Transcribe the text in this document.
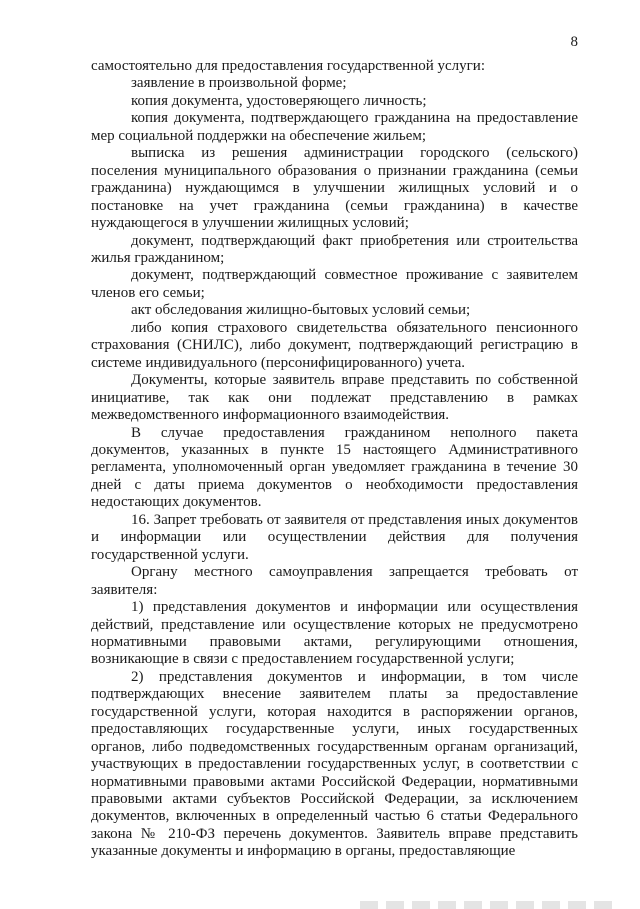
8

самостоятельно для предоставления государственной услуги:

заявление в произвольной форме;

копия документа, удостоверяющего личность;

копия документа, подтверждающего гражданина на предоставление мер социальной поддержки на обеспечение жильем;

выписка из решения администрации городского (сельского) поселения муниципального образования о признании гражданина (семьи гражданина) нуждающимся в улучшении жилищных условий и о постановке на учет гражданина (семьи гражданина) в качестве нуждающегося в улучшении жилищных условий;

документ, подтверждающий факт приобретения или строительства жилья гражданином;

документ, подтверждающий совместное проживание с заявителем членов его семьи;

акт обследования жилищно-бытовых условий семьи;

либо копия страхового свидетельства обязательного пенсионного страхования (СНИЛС), либо документ, подтверждающий регистрацию в системе индивидуального (персонифицированного) учета.

Документы, которые заявитель вправе представить по собственной инициативе, так как они подлежат представлению в рамках межведомственного информационного взаимодействия.

В случае предоставления гражданином неполного пакета документов, указанных в пункте 15 настоящего Административного регламента, уполномоченный орган уведомляет гражданина в течение 30 дней с даты приема документов о необходимости предоставления недостающих документов.

16. Запрет требовать от заявителя от представления иных документов и информации или осуществлении действия для получения государственной услуги.

Органу местного самоуправления запрещается требовать от заявителя:

1) представления документов и информации или осуществления действий, представление или осуществление которых не предусмотрено нормативными правовыми актами, регулирующими отношения, возникающие в связи с предоставлением государственной услуги;

2) представления документов и информации, в том числе подтверждающих внесение заявителем платы за предоставление государственной услуги, которая находится в распоряжении органов, предоставляющих государственные услуги, иных государственных органов, либо подведомственных государственным органам организаций, участвующих в предоставлении государственных услуг, в соответствии с нормативными правовыми актами Российской Федерации, нормативными правовыми актами субъектов Российской Федерации, за исключением документов, включенных в определенный частью 6 статьи Федерального закона № 210-ФЗ перечень документов. Заявитель вправе представить указанные документы и информацию в органы, предоставляющие
